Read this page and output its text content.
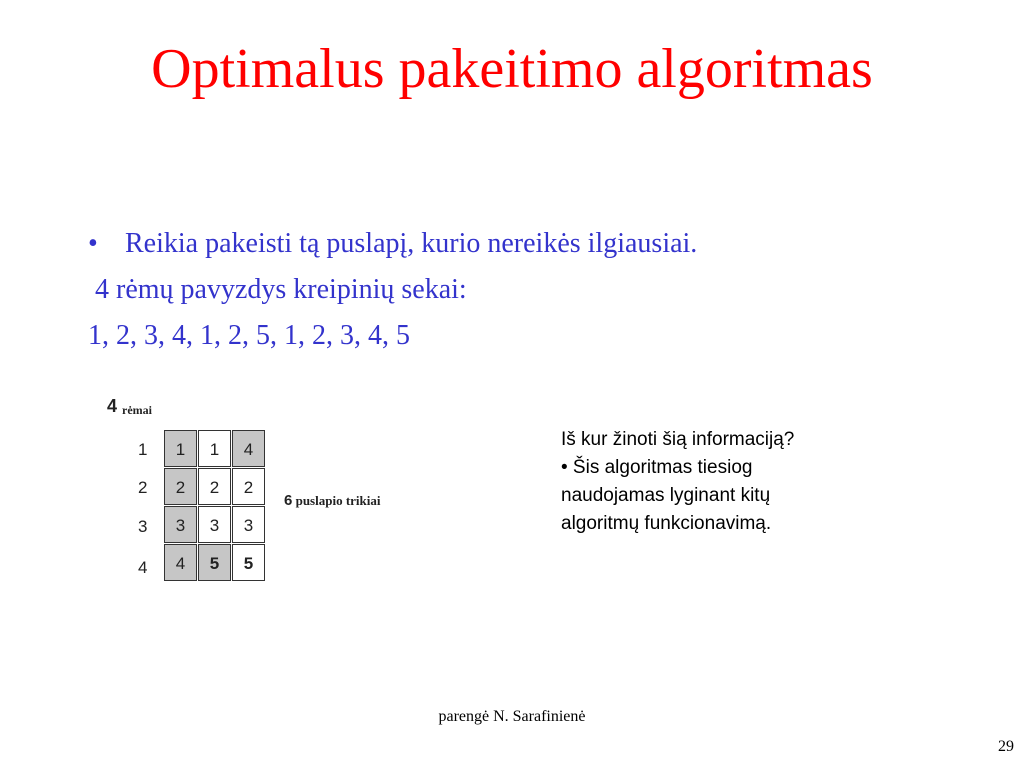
Optimalus pakeitimo algoritmas
• Reikia pakeisti tą puslapį, kurio nereikės ilgiausiai.
4 rėmų pavyzdys kreipinių sekai:
1, 2, 3, 4, 1, 2, 5, 1, 2, 3, 4, 5
4 rėmai
1
2
3
4
1
2
3
4
1
2
3
5
4
2
3
5
6 puslapio trikiai
Iš kur žinoti šią informaciją?
• Šis algoritmas tiesiog
naudojamas lyginant kitų
algoritmų funkcionavimą.
parengė N. Sarafinienė
29
